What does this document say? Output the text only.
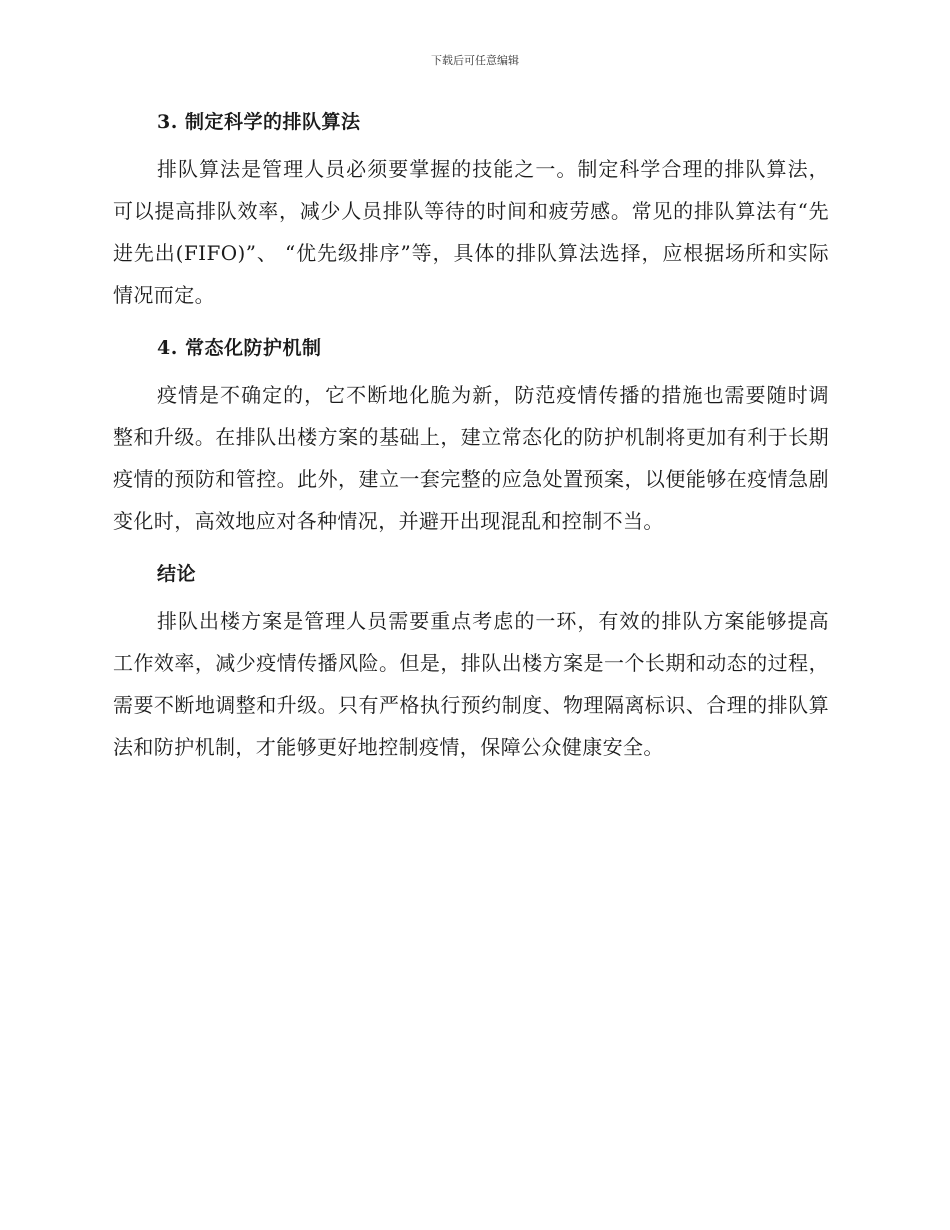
下载后可任意编辑
3. 制定科学的排队算法

排队算法是管理人员必须要掌握的技能之一。制定科学合理的排队算法，可以提高排队效率，减少人员排队等待的时间和疲劳感。常见的排队算法有“先进先出(FIFO)”、 “优先级排序”等，具体的排队算法选择，应根据场所和实际情况而定。

4. 常态化防护机制

疫情是不确定的，它不断地化脆为新，防范疫情传播的措施也需要随时调整和升级。在排队出楼方案的基础上，建立常态化的防护机制将更加有利于长期疫情的预防和管控。此外，建立一套完整的应急处置预案，以便能够在疫情急剧变化时，高效地应对各种情况，并避开出现混乱和控制不当。

结论

排队出楼方案是管理人员需要重点考虑的一环，有效的排队方案能够提高工作效率，减少疫情传播风险。但是，排队出楼方案是一个长期和动态的过程，需要不断地调整和升级。只有严格执行预约制度、物理隔离标识、合理的排队算法和防护机制，才能够更好地控制疫情，保障公众健康安全。
